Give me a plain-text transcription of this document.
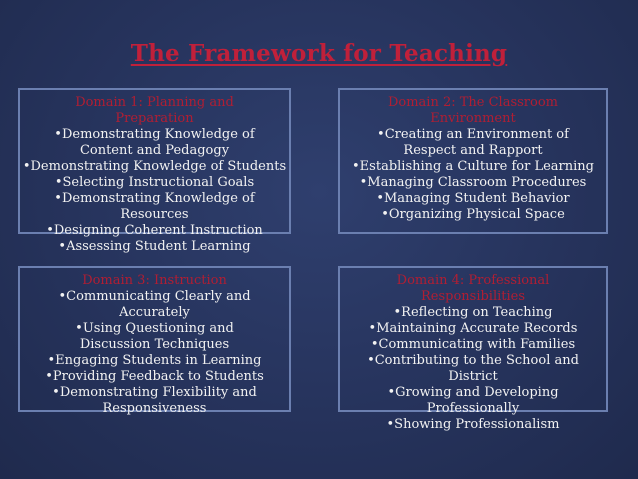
The Framework for Teaching
Domain 1: Planning and Preparation
•Demonstrating Knowledge of Content and Pedagogy
•Demonstrating Knowledge of Students
•Selecting Instructional Goals
•Demonstrating Knowledge of Resources
•Designing Coherent Instruction
•Assessing Student Learning
Domain 2: The Classroom Environment
•Creating an Environment of Respect and Rapport
•Establishing a Culture for Learning
•Managing Classroom Procedures
•Managing Student Behavior
•Organizing Physical Space
Domain 3: Instruction
•Communicating Clearly and Accurately
•Using Questioning and Discussion Techniques
•Engaging Students in Learning
•Providing Feedback to Students
•Demonstrating Flexibility and Responsiveness
Domain 4: Professional Responsibilities
•Reflecting on Teaching
•Maintaining Accurate Records
•Communicating with Families
•Contributing to the School and District
•Growing and Developing Professionally
•Showing Professionalism
